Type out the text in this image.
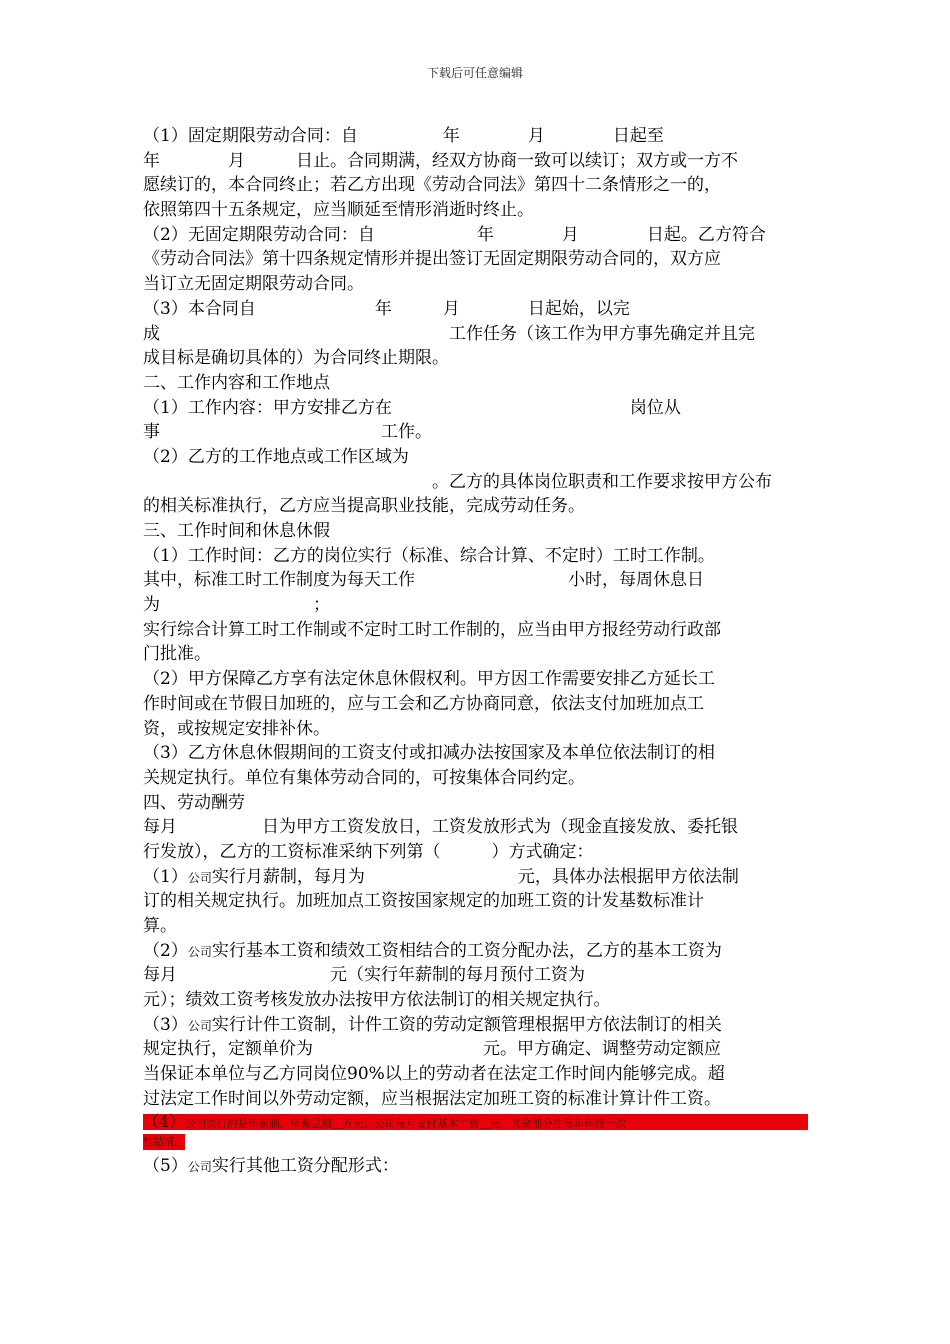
下载后可任意编辑
（1）固定期限劳动合同：自　　　　　年　　　　月　　　　日起至
年　　　　月　　　日止。合同期满，经双方协商一致可以续订；双方或一方不
愿续订的，本合同终止；若乙方出现《劳动合同法》第四十二条情形之一的，
依照第四十五条规定，应当顺延至情形消逝时终止。
（2）无固定期限劳动合同：自　　　　　　年　　　　月　　　　日起。乙方符合
《劳动合同法》第十四条规定情形并提出签订无固定期限劳动合同的，双方应
当订立无固定期限劳动合同。
（3）本合同自　　　　　　　年　　　月　　　　日起始，以完
成　　　　　　　　　　　　　　　　　工作任务（该工作为甲方事先确定并且完
成目标是确切具体的）为合同终止期限。
二、工作内容和工作地点
（1）工作内容：甲方安排乙方在　　　　　　　　　　　　　　岗位从
事　　　　　　　　　　　　　工作。
（2）乙方的工作地点或工作区域为
　　　　　　　　　　　　　　　　　。乙方的具体岗位职责和工作要求按甲方公布
的相关标准执行，乙方应当提高职业技能，完成劳动任务。
三、工作时间和休息休假
（1）工作时间：乙方的岗位实行（标准、综合计算、不定时）工时工作制。
其中，标准工时工作制度为每天工作　　　　　　　　　小时，每周休息日
为　　　　　　　　　；
实行综合计算工时工作制或不定时工时工作制的，应当由甲方报经劳动行政部
门批准。
（2）甲方保障乙方享有法定休息休假权利。甲方因工作需要安排乙方延长工
作时间或在节假日加班的，应与工会和乙方协商同意，依法支付加班加点工
资，或按规定安排补休。
（3）乙方休息休假期间的工资支付或扣减办法按国家及本单位依法制订的相
关规定执行。单位有集体劳动合同的，可按集体合同约定。
四、劳动酬劳
每月　　　　　日为甲方工资发放日，工资发放形式为（现金直接发放、委托银
行发放），乙方的工资标准采纳下列第（　　　）方式确定：
（1）公司实行月薪制，每月为　　　　　　　　　元，具体办法根据甲方依法制
订的相关规定执行。加班加点工资按国家规定的加班工资的计发基数标准计
算。
（2）公司实行基本工资和绩效工资相结合的工资分配办法，乙方的基本工资为
每月　　　　　　　　　元（实行年薪制的每月预付工资为
元）；绩效工资考核发放办法按甲方依法制订的相关规定执行。
（3）公司实行计件工资制，计件工资的劳动定额管理根据甲方依法制订的相关
规定执行，定额单价为　　　　　　　　　　元。甲方确定、调整劳动定额应
当保证本单位与乙方同岗位90%以上的劳动者在法定工作时间内能够完成。超
过法定工作时间以外劳动定额，应当根据法定加班工资的标准计算计件工资。
（4）公司实行的是年薪制，年薪总额＿万元；公司每月支付基本工资＿元，其余部分在每年年终一次
性结清。
（5）公司实行其他工资分配形式：
